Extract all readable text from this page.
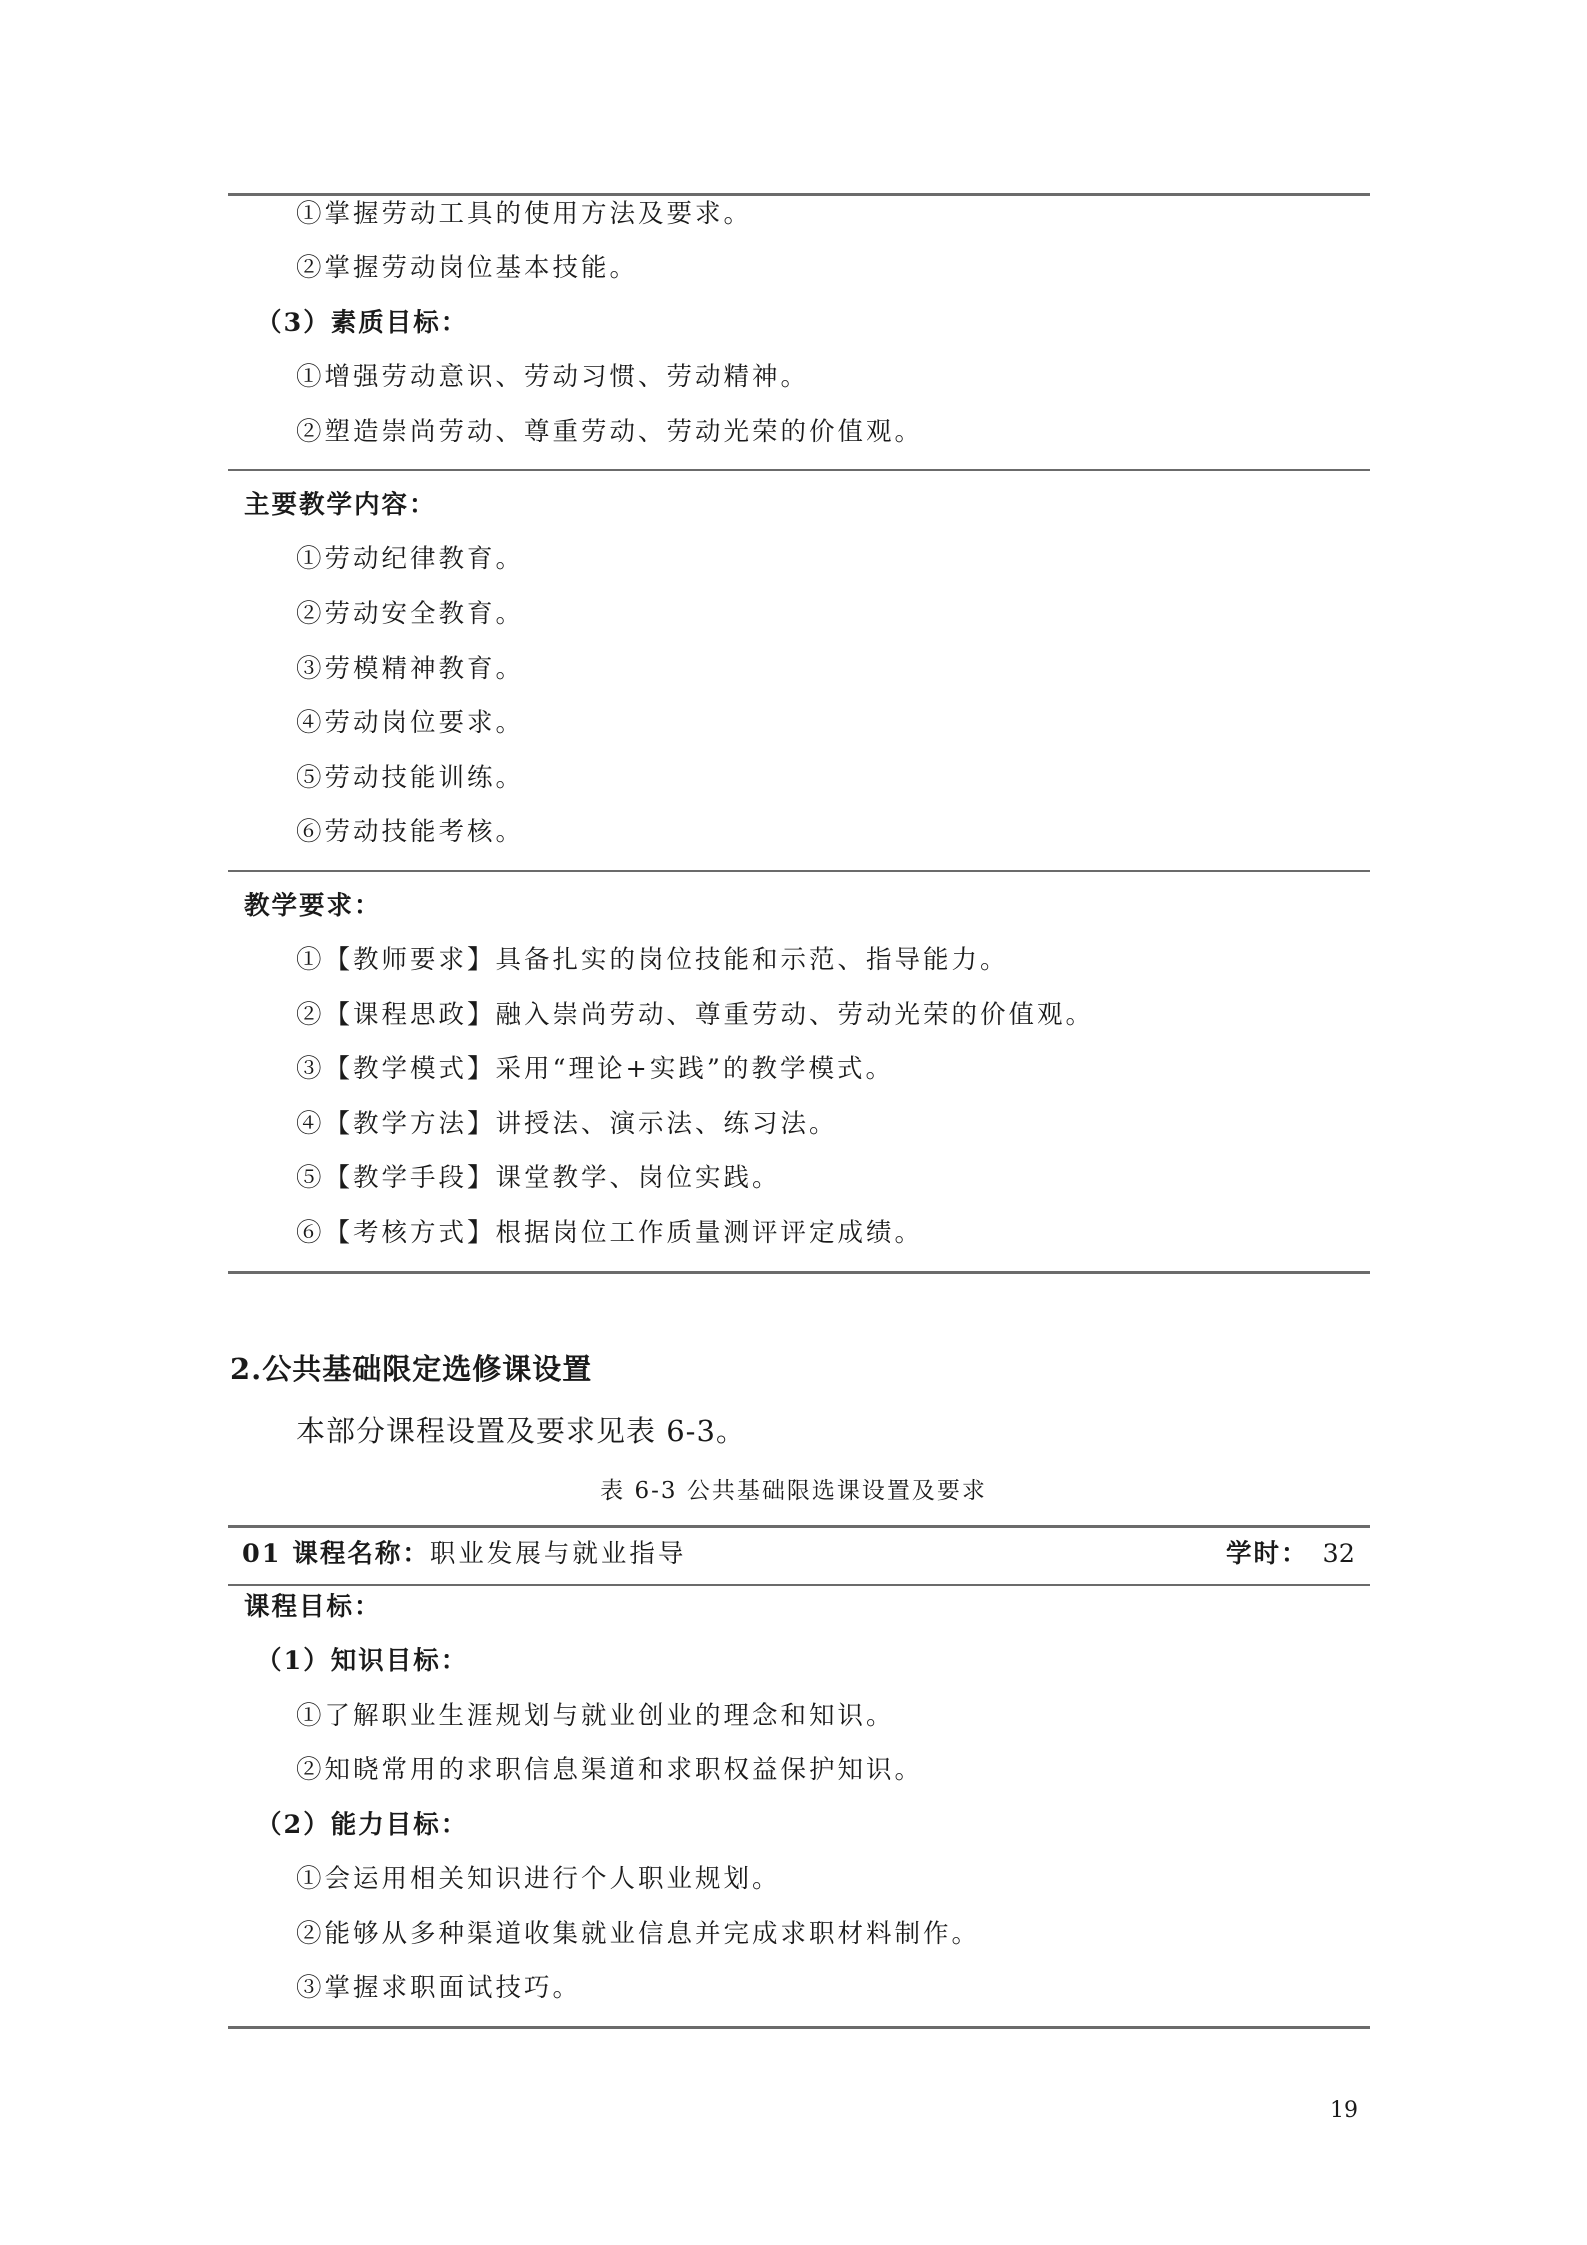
①掌握劳动工具的使用方法及要求。
②掌握劳动岗位基本技能。
（3）素质目标：
①增强劳动意识、劳动习惯、劳动精神。
②塑造崇尚劳动、尊重劳动、劳动光荣的价值观。
主要教学内容：
①劳动纪律教育。
②劳动安全教育。
③劳模精神教育。
④劳动岗位要求。
⑤劳动技能训练。
⑥劳动技能考核。
教学要求：
①【教师要求】具备扎实的岗位技能和示范、指导能力。
②【课程思政】融入崇尚劳动、尊重劳动、劳动光荣的价值观。
③【教学模式】采用“理论+实践”的教学模式。
④【教学方法】讲授法、演示法、练习法。
⑤【教学手段】课堂教学、岗位实践。
⑥【考核方式】根据岗位工作质量测评评定成绩。
2.公共基础限定选修课设置
本部分课程设置及要求见表 6-3。
表 6-3 公共基础限选课设置及要求
01 课程名称：职业发展与就业指导	学时： 32
课程目标：
（1）知识目标：
①了解职业生涯规划与就业创业的理念和知识。
②知晓常用的求职信息渠道和求职权益保护知识。
（2）能力目标：
①会运用相关知识进行个人职业规划。
②能够从多种渠道收集就业信息并完成求职材料制作。
③掌握求职面试技巧。
19
